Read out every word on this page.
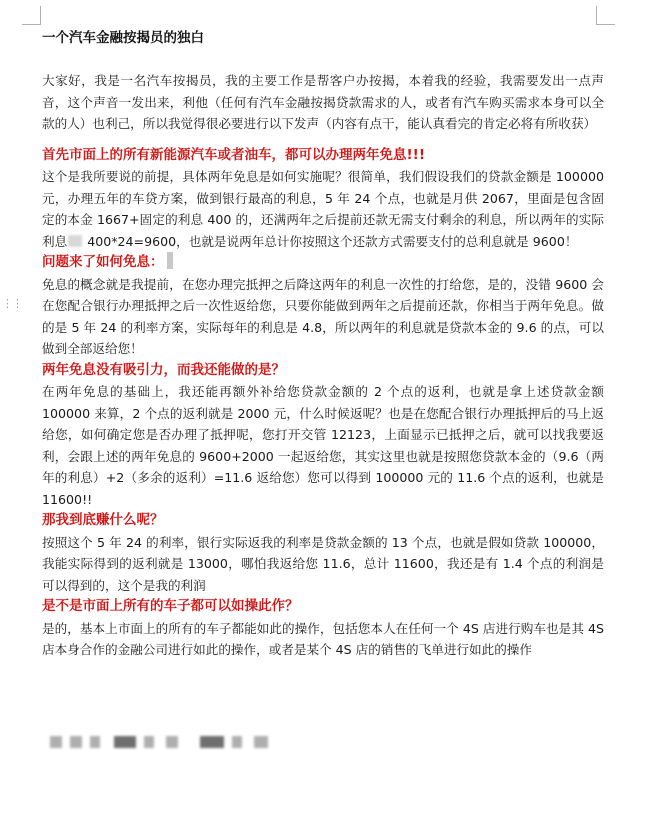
⋮⋮
一个汽车金融按揭员的独白

大家好，我是一名汽车按揭员，我的主要工作是帮客户办按揭，本着我的经验，我需要发出一点声音，这个声音一发出来，利他（任何有汽车金融按揭贷款需求的人，或者有汽车购买需求本身可以全款的人）也利己，所以我觉得很必要进行以下发声（内容有点干，能认真看完的肯定必将有所收获）

首先市面上的所有新能源汽车或者油车，都可以办理两年免息!!!

这个是我所要说的前提，具体两年免息是如何实施呢？很简单，我们假设我们的贷款金额是 100000 元，办理五年的车贷方案，做到银行最高的利息，5 年 24 个点，也就是月供 2067，里面是包含固定的本金 1667+固定的利息 400 的，还满两年之后提前还款无需支付剩余的利息，所以两年的实际利息 400*24=9600，也就是说两年总计你按照这个还款方式需要支付的总利息就是 9600！

问题来了如何免息：

免息的概念就是我提前，在您办理完抵押之后降这两年的利息一次性的打给您，是的，没错 9600 会在您配合银行办理抵押之后一次性返给您，只要你能做到两年之后提前还款，你相当于两年免息。做的是 5 年 24 的利率方案，实际每年的利息是 4.8，所以两年的利息就是贷款本金的 9.6 的点，可以做到全部返给您！

两年免息没有吸引力，而我还能做的是？

在两年免息的基础上，我还能再额外补给您贷款金额的 2 个点的返利，也就是拿上述贷款金额 100000 来算，2 个点的返利就是 2000 元，什么时候返呢？也是在您配合银行办理抵押后的马上返给您，如何确定您是否办理了抵押呢，您打开交管 12123，上面显示已抵押之后，就可以找我要返利，会跟上述的两年免息的 9600+2000 一起返给您，其实这里也就是按照您贷款本金的（9.6（两年的利息）+2（多余的返利）=11.6 返给您）您可以得到 100000 元的 11.6 个点的返利，也就是 11600!!

那我到底赚什么呢？

按照这个 5 年 24 的利率，银行实际返我的利率是贷款金额的 13 个点，也就是假如贷款 100000，我能实际得到的返利就是 13000，哪怕我返给您 11.6，总计 11600，我还是有 1.4 个点的利润是可以得到的，这个是我的利润

是不是市面上所有的车子都可以如操此作？

是的，基本上市面上的所有的车子都能如此的操作，包括您本人在任何一个 4S 店进行购车也是其 4S 店本身合作的金融公司进行如此的操作，或者是某个 4S 店的销售的飞单进行如此的操作
